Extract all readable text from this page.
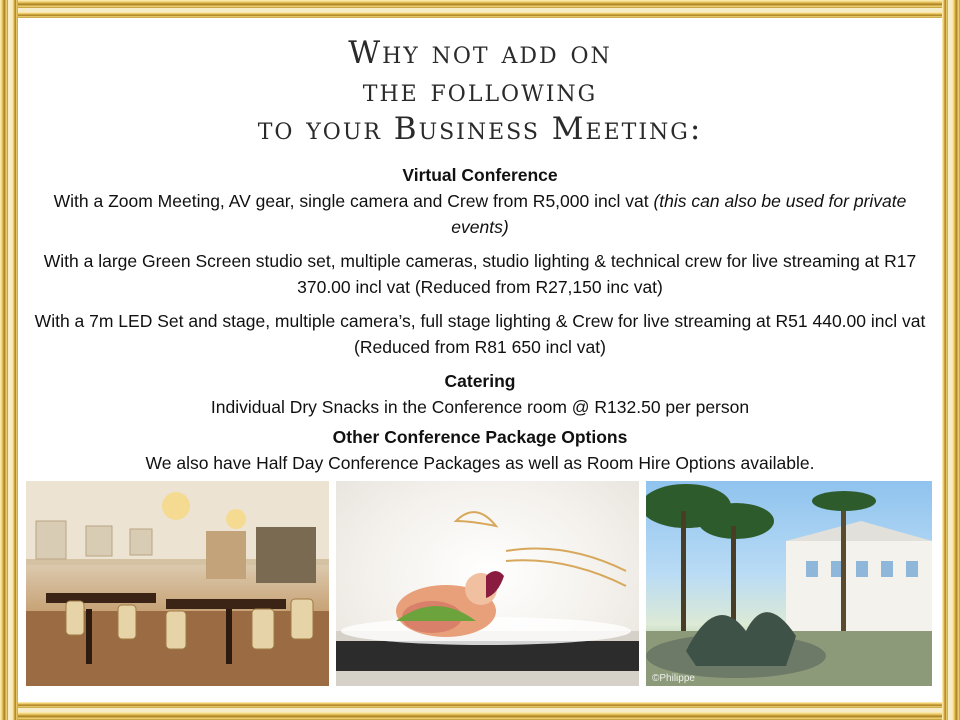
Why not add on
the following
to your Business Meeting:
Virtual Conference

With a Zoom Meeting, AV gear, single camera and Crew from R5,000 incl vat (this can also be used for private events)

With a large Green Screen studio set, multiple cameras, studio lighting & technical crew for live streaming at R17 370.00 incl vat (Reduced from R27,150 inc vat)

With a 7m LED Set and stage, multiple camera’s, full stage lighting & Crew for live streaming at R51 440.00 incl vat (Reduced from R81 650 incl vat)

Catering

Individual Dry Snacks in the Conference room @ R132.50 per person

Other Conference Package Options

We also have Half Day Conference Packages as well as Room Hire Options available.

©Philippe
